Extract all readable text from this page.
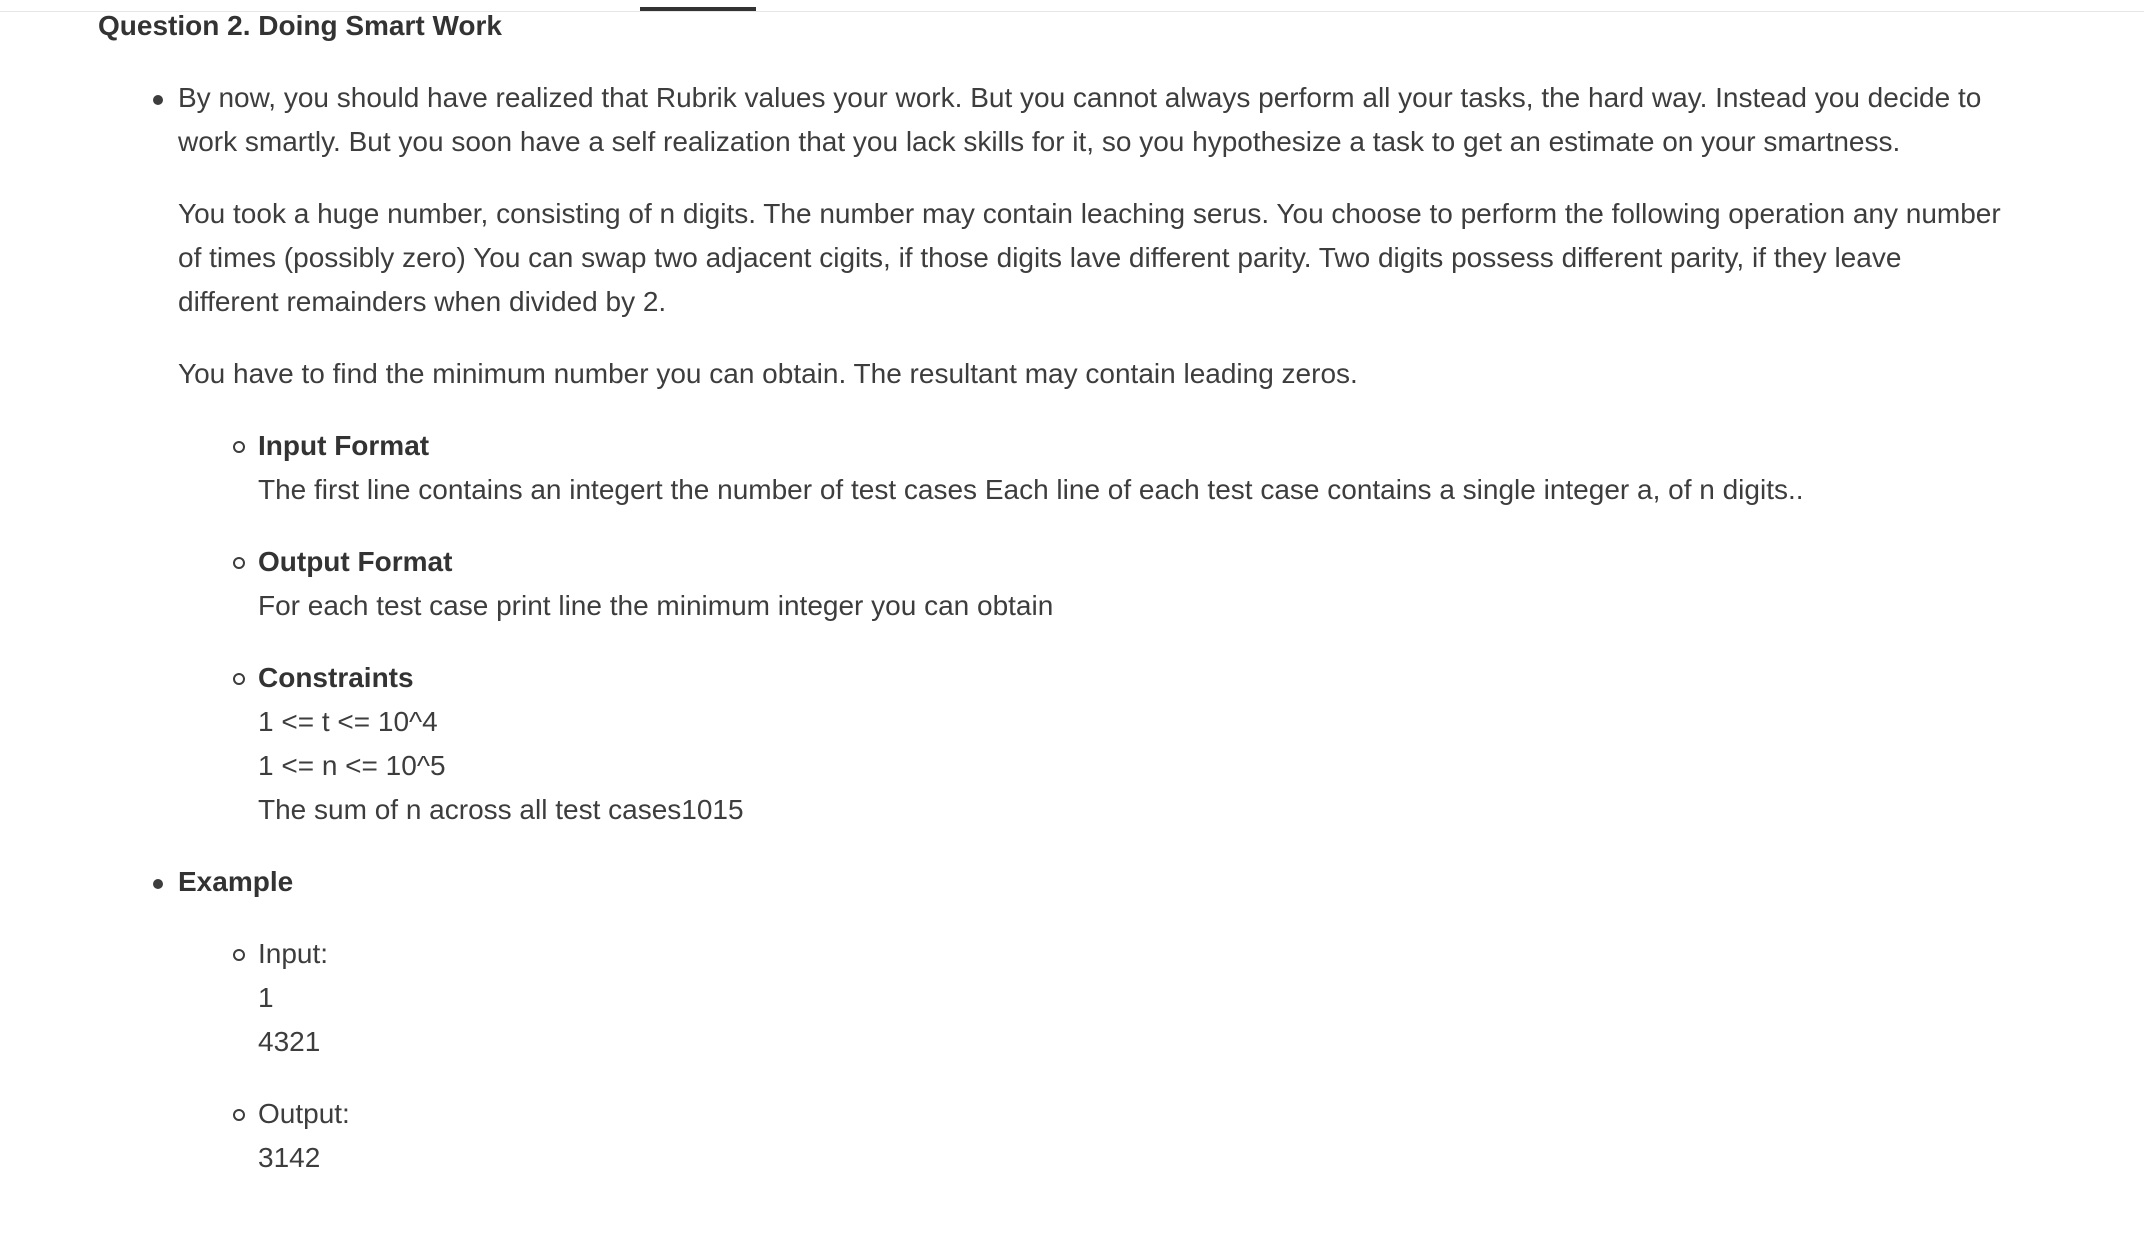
Question 2. Doing Smart Work

By now, you should have realized that Rubrik values your work. But you cannot always perform all your tasks, the hard way. Instead you decide to work smartly. But you soon have a self realization that you lack skills for it, so you hypothesize a task to get an estimate on your smartness.

You took a huge number, consisting of n digits. The number may contain leaching serus. You choose to perform the following operation any number of times (possibly zero) You can swap two adjacent cigits, if those digits lave different parity. Two digits possess different parity, if they leave different remainders when divided by 2.

You have to find the minimum number you can obtain. The resultant may contain leading zeros.

Input Format
The first line contains an integert the number of test cases Each line of each test case contains a single integer a, of n digits..
Output Format
For each test case print line the minimum integer you can obtain
Constraints
1 <= t <= 10^4
1 <= n <= 10^5
The sum of n across all test cases1015
Example
Input:
1
4321
Output:
3142
